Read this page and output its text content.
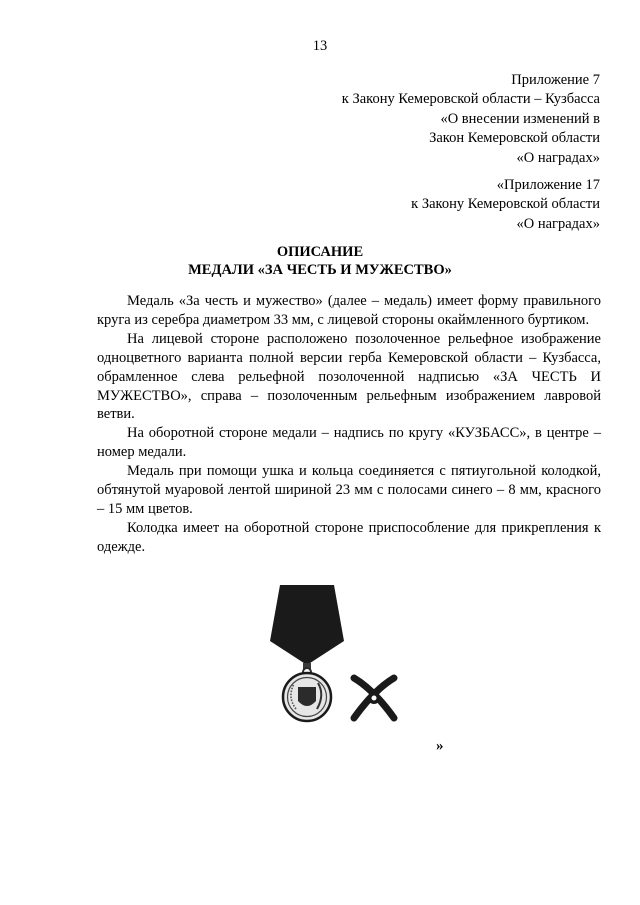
13
Приложение 7
к Закону Кемеровской области – Кузбасса
«О внесении изменений в
Закон Кемеровской области
«О наградах»
«Приложение 17
к Закону Кемеровской области
«О наградах»
ОПИСАНИЕ
МЕДАЛИ «ЗА ЧЕСТЬ И МУЖЕСТВО»

Медаль «За честь и мужество» (далее – медаль) имеет форму правильного круга из серебра диаметром 33 мм, с лицевой стороны окаймленного буртиком.

На лицевой стороне расположено позолоченное рельефное изображение одноцветного варианта полной версии герба Кемеровской области – Кузбасса, обрамленное слева рельефной позолоченной надписью «ЗА ЧЕСТЬ И МУЖЕСТВО», справа – позолоченным рельефным изображением лавровой ветви.

На оборотной стороне медали – надпись по кругу «КУЗБАСС», в центре – номер медали.

Медаль при помощи ушка и кольца соединяется с пятиугольной колодкой, обтянутой муаровой лентой шириной 23 мм с полосами синего – 8 мм, красного – 15 мм цветов.

Колодка имеет на оборотной стороне приспособление для прикрепления к одежде.

»
